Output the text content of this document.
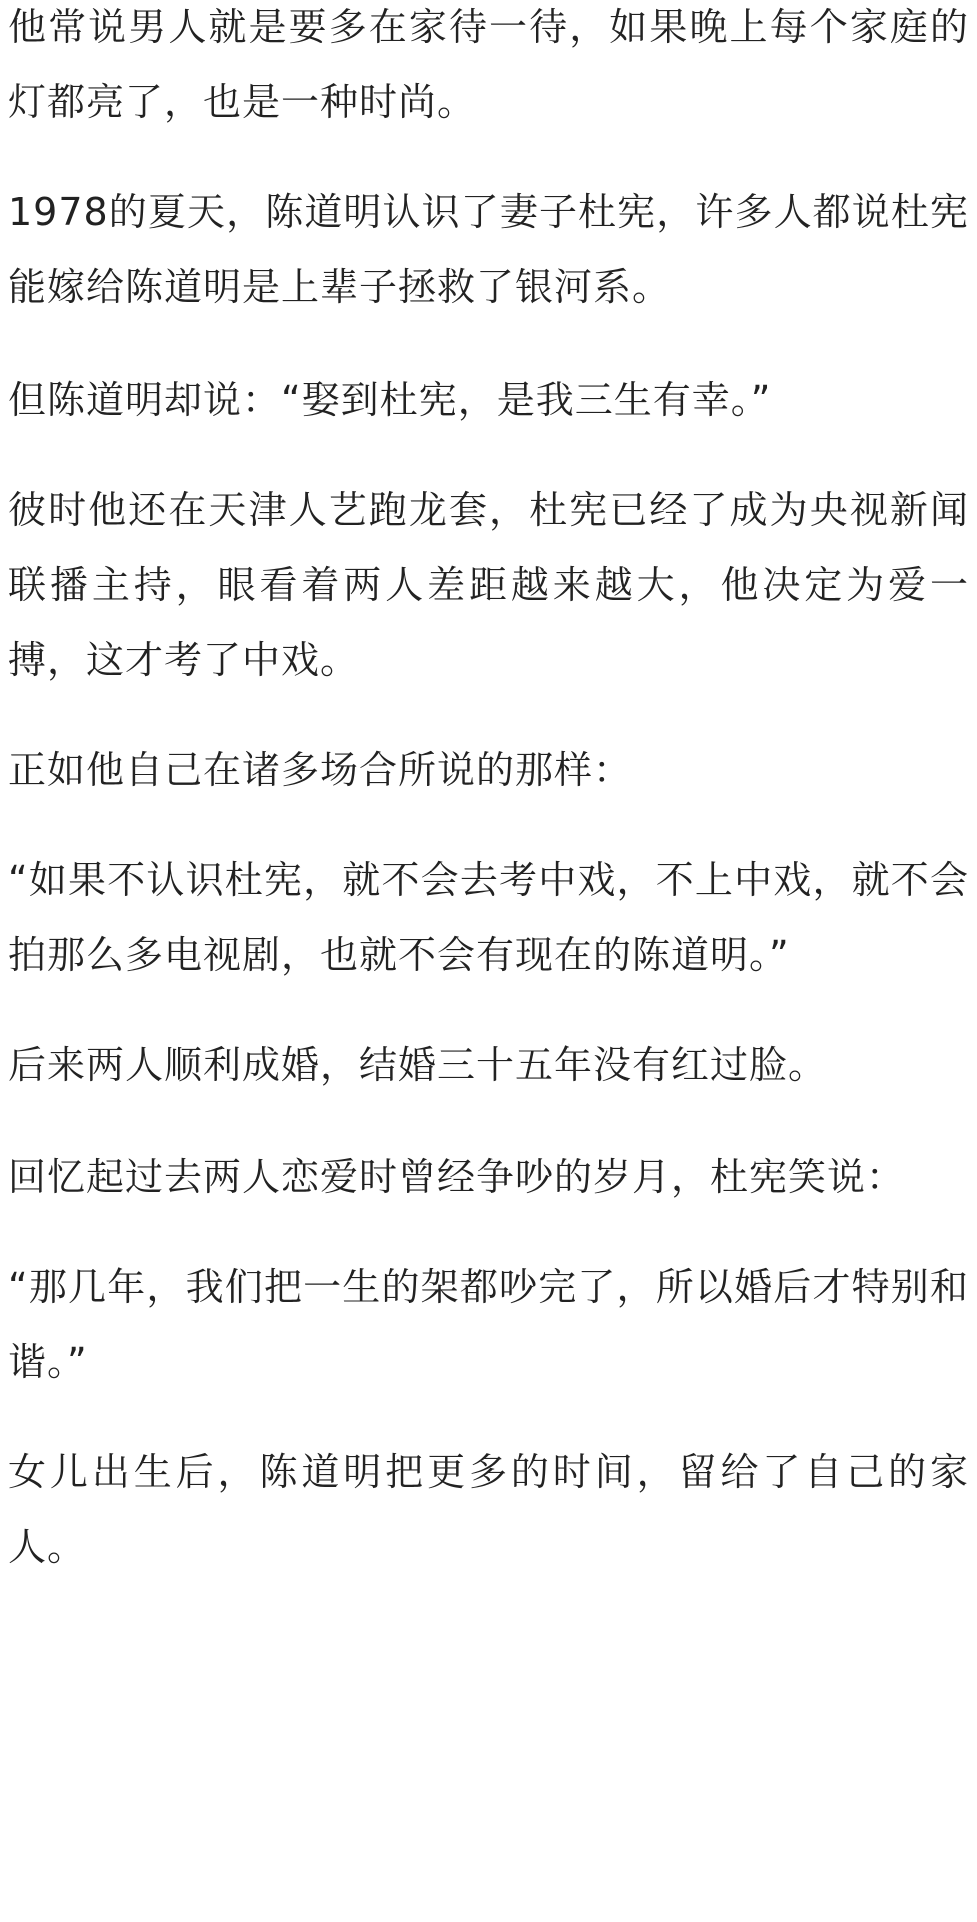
他常说男人就是要多在家待一待，如果晚上每个家庭的
灯都亮了，也是一种时尚。
1978的夏天，陈道明认识了妻子杜宪，许多人都说杜宪
能嫁给陈道明是上辈子拯救了银河系。
但陈道明却说：“娶到杜宪，是我三生有幸。”
彼时他还在天津人艺跑龙套，杜宪已经了成为央视新闻
联播主持，眼看着两人差距越来越大，他决定为爱一
搏，这才考了中戏。
正如他自己在诸多场合所说的那样：
“如果不认识杜宪，就不会去考中戏，不上中戏，就不会
拍那么多电视剧，也就不会有现在的陈道明。”
后来两人顺利成婚，结婚三十五年没有红过脸。
回忆起过去两人恋爱时曾经争吵的岁月，杜宪笑说：
“那几年，我们把一生的架都吵完了，所以婚后才特别和
谐。”
女儿出生后，陈道明把更多的时间，留给了自己的家
人。
